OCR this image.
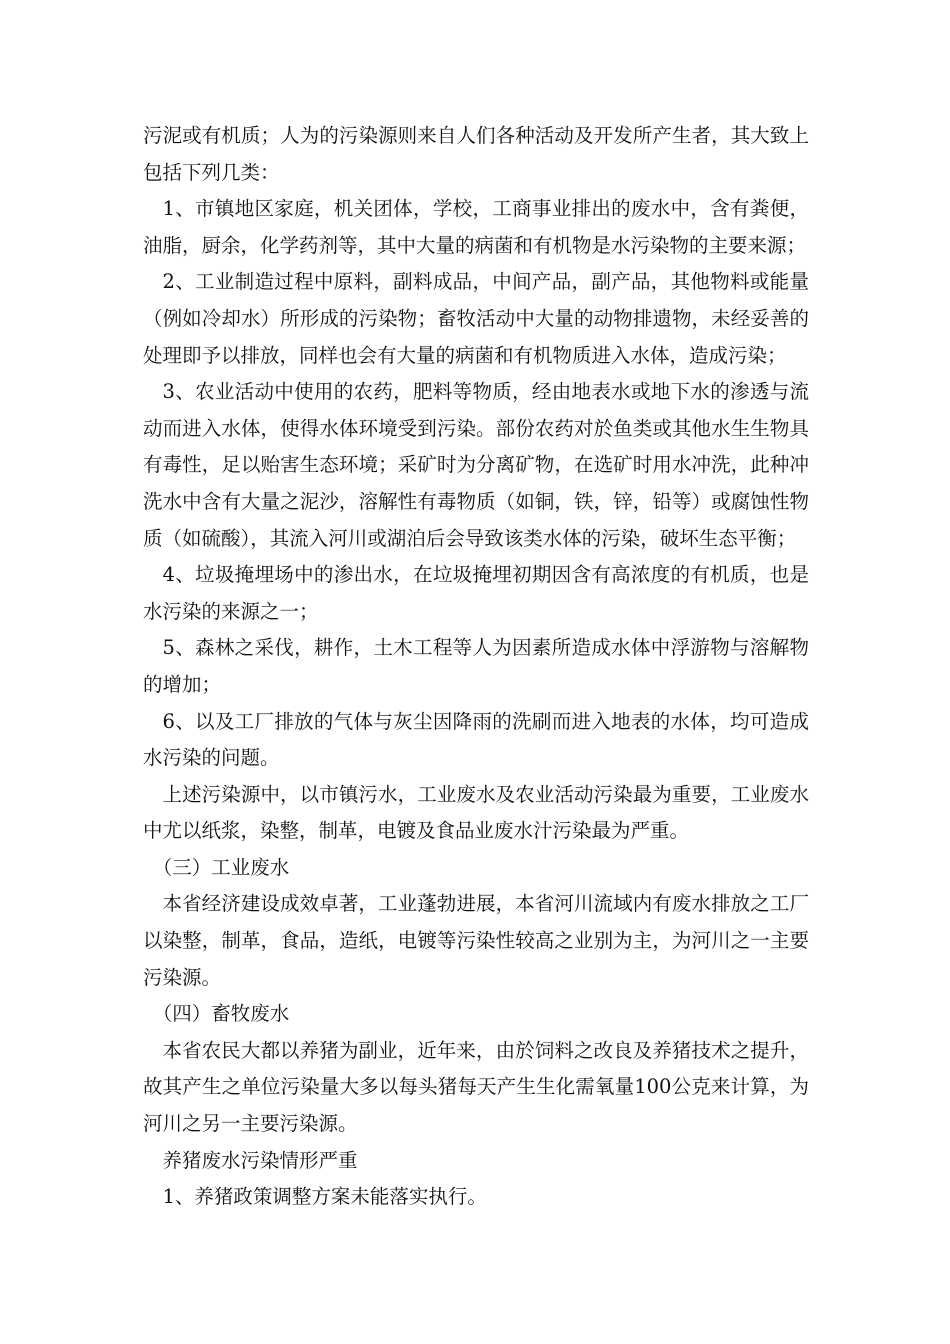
污泥或有机质；人为的污染源则来自人们各种活动及开发所产生者，其大致上包括下列几类：

1、市镇地区家庭，机关团体，学校，工商事业排出的废水中，含有粪便，油脂，厨余，化学药剂等，其中大量的病菌和有机物是水污染物的主要来源；

2、工业制造过程中原料，副料成品，中间产品，副产品，其他物料或能量（例如冷却水）所形成的污染物；畜牧活动中大量的动物排遗物，未经妥善的处理即予以排放，同样也会有大量的病菌和有机物质进入水体，造成污染；

3、农业活动中使用的农药，肥料等物质，经由地表水或地下水的渗透与流动而进入水体，使得水体环境受到污染。部份农药对於鱼类或其他水生生物具有毒性，足以贻害生态环境；采矿时为分离矿物，在选矿时用水冲洗，此种冲洗水中含有大量之泥沙，溶解性有毒物质（如铜，铁，锌，铅等）或腐蚀性物质（如硫酸），其流入河川或湖泊后会导致该类水体的污染，破坏生态平衡；

4、垃圾掩埋场中的渗出水，在垃圾掩埋初期因含有高浓度的有机质，也是水污染的来源之一；

5、森林之采伐，耕作，土木工程等人为因素所造成水体中浮游物与溶解物的增加；

6、以及工厂排放的气体与灰尘因降雨的洗刷而进入地表的水体，均可造成水污染的问题。

上述污染源中，以市镇污水，工业废水及农业活动污染最为重要，工业废水中尤以纸浆，染整，制革，电镀及食品业废水汁污染最为严重。

（三）工业废水

本省经济建设成效卓著，工业蓬勃进展，本省河川流域内有废水排放之工厂以染整，制革，食品，造纸，电镀等污染性较高之业别为主，为河川之一主要污染源。

（四）畜牧废水

本省农民大都以养猪为副业，近年来，由於饲料之改良及养猪技术之提升，故其产生之单位污染量大多以每头猪每天产生生化需氧量100公克来计算，为河川之另一主要污染源。

养猪废水污染情形严重

1、养猪政策调整方案未能落实执行。
